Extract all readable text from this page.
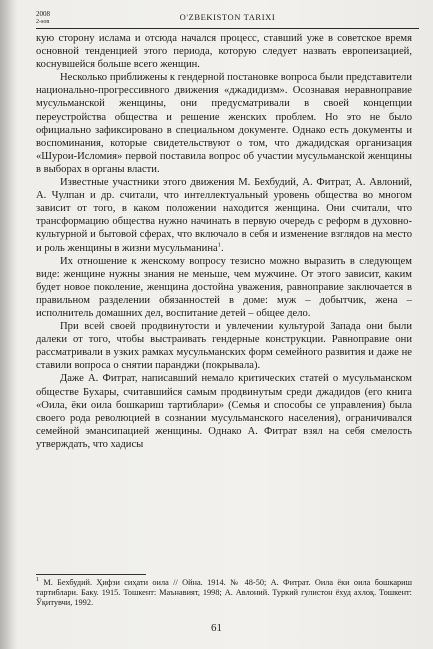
2008
2-son	O'ZBEKISTON TARIXI

кую сторону ислама и отсюда начался процесс, ставший уже в советское время основной тенденцией этого периода, которую следует назвать европеизацией, коснувшейся больше всего женщин.

Несколько приближены к гендерной постановке вопроса были представители национально-прогрессивного движения «джадидизм». Осознавая неравноправие мусульманской женщины, они предусматривали в своей концепции переустройства общества и решение женских проблем. Но это не было официально зафиксировано в специальном документе. Однако есть документы и воспоминания, которые свидетельствуют о том, что джадидская организация «Шурои-Исломия» первой поставила вопрос об участии мусульманской женщины в выборах в органы власти.

Известные участники этого движения М. Бехбудий, А. Фитрат, А. Авлоний, А. Чулпан и др. считали, что интеллектуальный уровень общества во многом зависит от того, в каком положении находится женщина. Они считали, что трансформацию общества нужно начинать в первую очередь с реформ в духовно-культурной и бытовой сферах, что включало в себя и изменение взглядов на место и роль женщины в жизни мусульманина$^1$.

Их отношение к женскому вопросу тезисно можно выразить в следующем виде: женщине нужны знания не меньше, чем мужчине. От этого зависит, каким будет новое поколение, женщина достойна уважения, равноправие заключается в правильном разделении обязанностей в доме: муж – добытчик, жена – исполнитель домашних дел, воспитание детей – общее дело.

При всей своей продвинутости и увлечении культурой Запада они были далеки от того, чтобы выстраивать гендерные конструкции. Равноправие они рассматривали в узких рамках мусульманских форм семейного развития и даже не ставили вопроса о снятии паранджи (покрывала).

Даже А. Фитрат, написавший немало критических статей о мусульманском обществе Бухары, считавшийся самым продвинутым среди джадидов (его книга «Оила, ёки оила бошкариш тартиблари» (Семья и способы се управления) была своего рода революцией в сознании мусульманского населения), ограничивался семейной эмансипацией женщины. Однако А. Фитрат взял на себя смелость утверждать, что хадисы

$^1$ М. Бехбудий. Ҳифзи сиҳати оила // Ойна. 1914. № 48-50; А. Фитрат. Оила ёки оила бошкариш тартиблари. Баку. 1915. Тошкент: Маънавият, 1998; А. Авлоний. Туркий гулистон ёхуд ахлоқ. Тошкент: Ўқитувчи, 1992.
61
